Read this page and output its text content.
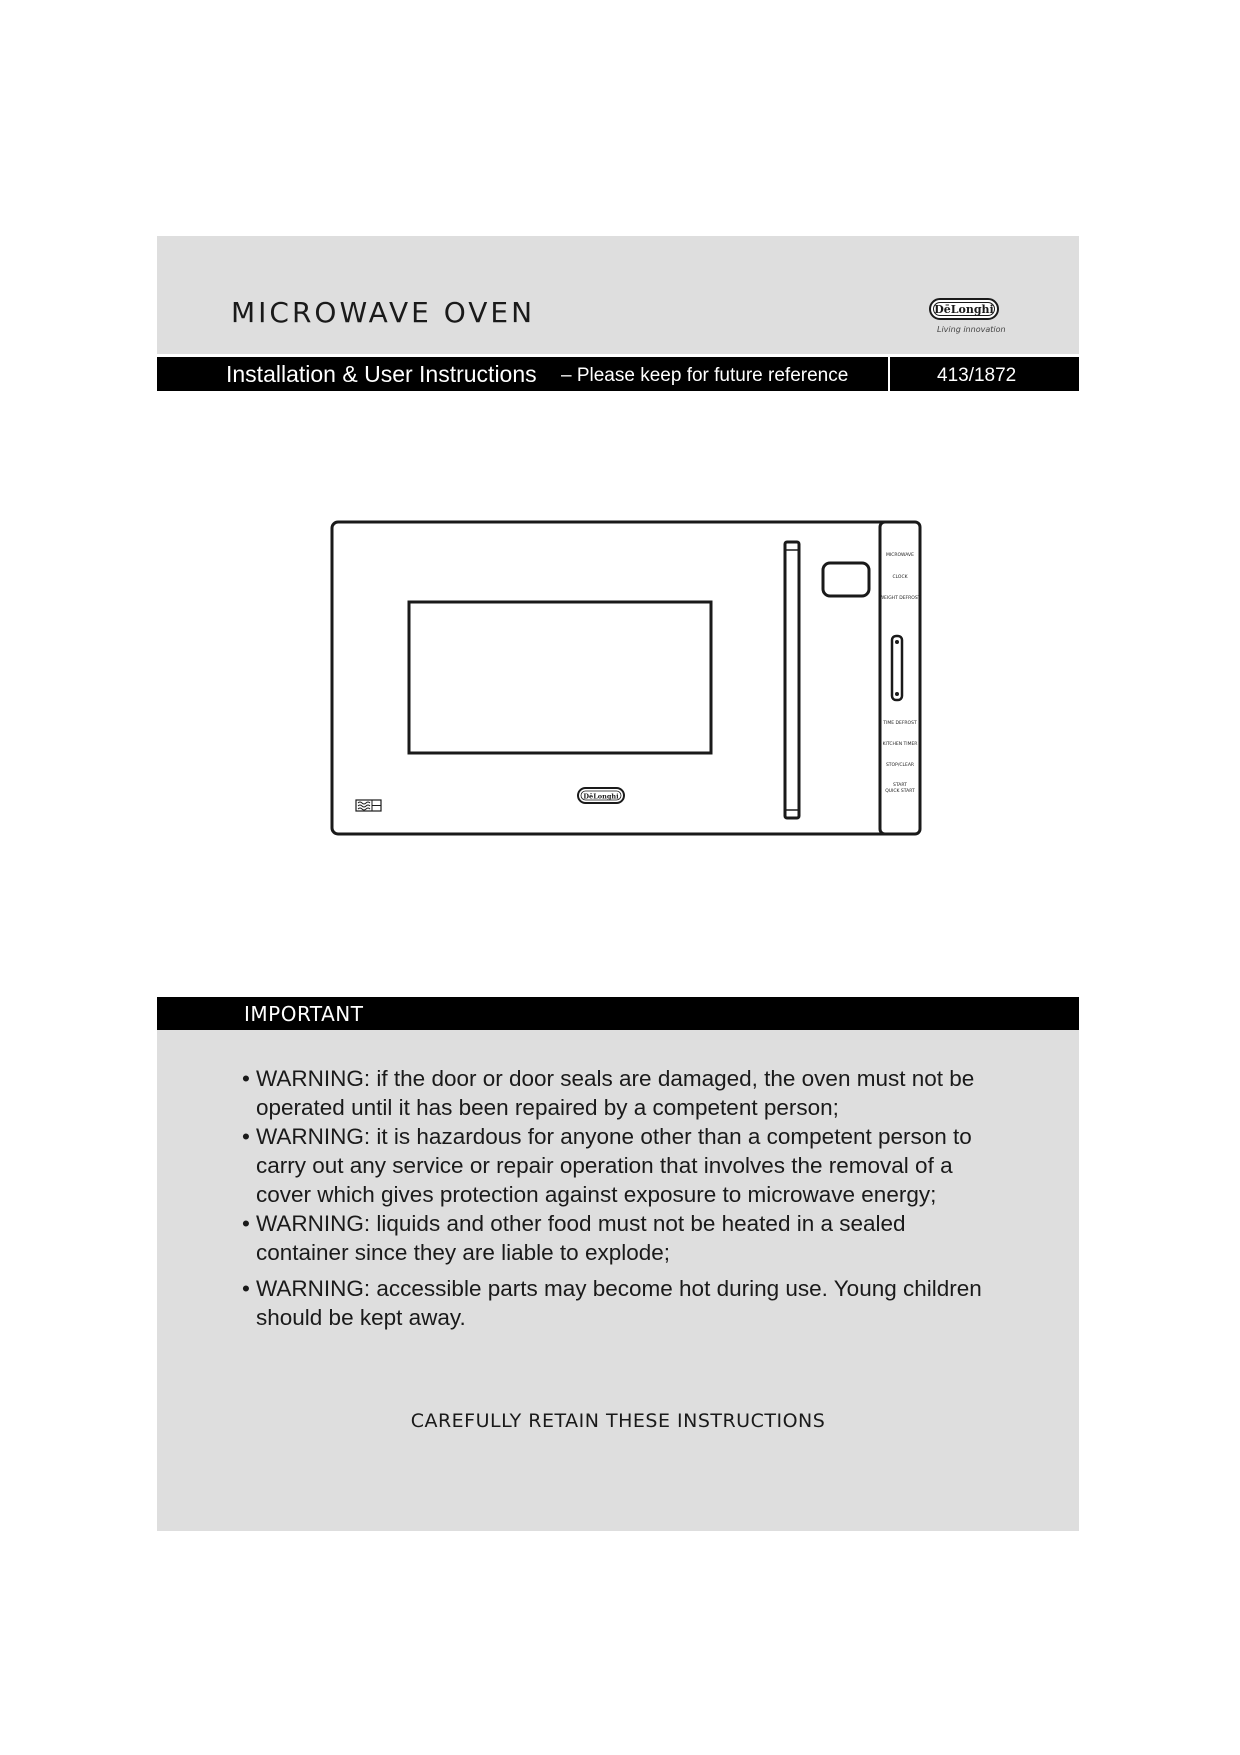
MICROWAVE OVEN	DēLonghi
Living innovation
Installation & User Instructions – Please keep for future reference	413/1872
MICROWAVE
CLOCK
WEIGHT DEFROST
TIME DEFROST
KITCHEN TIMER
STOP/CLEAR
START
QUICK START
DēLonghi
IMPORTANT
• WARNING: if the door or door seals are damaged, the oven must not be operated until it has been repaired by a competent person;
• WARNING: it is hazardous for anyone other than a competent person to carry out any service or repair operation that involves the removal of a cover which gives protection against exposure to microwave energy;
• WARNING: liquids and other food must not be heated in a sealed container since they are liable to explode;
• WARNING: accessible parts may become hot during use. Young children should be kept away.
CAREFULLY RETAIN THESE INSTRUCTIONS
